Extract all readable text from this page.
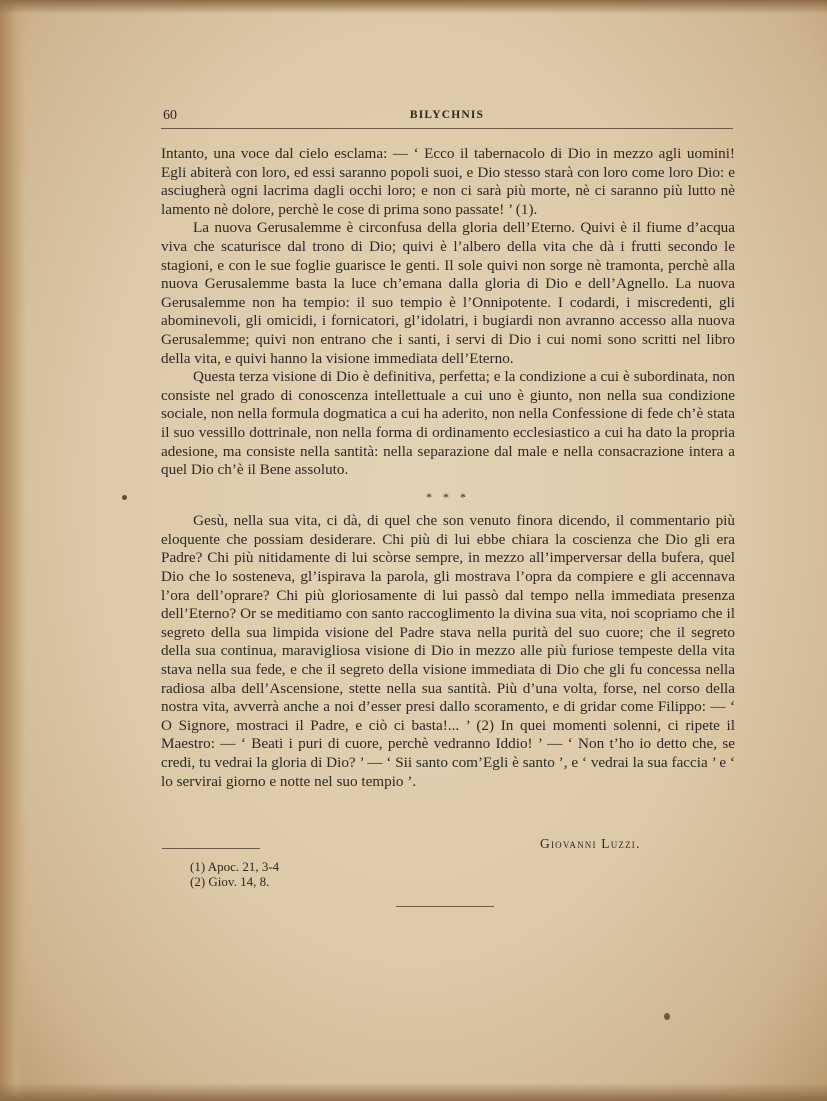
60	BILYCHNIS

Intanto, una voce dal cielo esclama: — ‘ Ecco il tabernacolo di Dio in mezzo agli uomini! Egli abiterà con loro, ed essi saranno popoli suoi, e Dio stesso starà con loro come loro Dio: e asciugherà ogni lacrima dagli occhi loro; e non ci sarà più morte, nè ci saranno più lutto nè lamento nè dolore, perchè le cose di prima sono passate! ’ (1).

La nuova Gerusalemme è circonfusa della gloria dell’Eterno. Quivi è il fiume d’acqua viva che scaturisce dal trono di Dio; quivi è l’albero della vita che dà i frutti secondo le stagioni, e con le sue foglie guarisce le genti. Il sole quivi non sorge nè tramonta, perchè alla nuova Gerusalemme basta la luce ch’emana dalla gloria di Dio e dell’Agnello. La nuova Gerusalemme non ha tempio: il suo tempio è l’Onnipotente. I codardi, i miscredenti, gli abominevoli, gli omicidi, i fornicatori, gl’idolatri, i bugiardi non avranno accesso alla nuova Gerusalemme; quivi non entrano che i santi, i servi di Dio i cui nomi sono scritti nel libro della vita, e quivi hanno la visione immediata dell’Eterno.

Questa terza visione di Dio è definitiva, perfetta; e la condizione a cui è subordinata, non consiste nel grado di conoscenza intellettuale a cui uno è giunto, non nella sua condizione sociale, non nella formula dogmatica a cui ha aderito, non nella Confessione di fede ch’è stata il suo vessillo dottrinale, non nella forma di ordinamento ecclesiastico a cui ha dato la propria adesione, ma consiste nella santità: nella separazione dal male e nella consacrazione intera a quel Dio ch’è il Bene assoluto.

* * *

Gesù, nella sua vita, ci dà, di quel che son venuto finora dicendo, il commentario più eloquente che possiam desiderare. Chi più di lui ebbe chiara la coscienza che Dio gli era Padre? Chi più nitidamente di lui scòrse sempre, in mezzo all’imperversar della bufera, quel Dio che lo sosteneva, gl’ispirava la parola, gli mostrava l’opra da compiere e gli accennava l’ora dell’oprare? Chi più gloriosamente di lui passò dal tempo nella immediata presenza dell’Eterno? Or se meditiamo con santo raccoglimento la divina sua vita, noi scopriamo che il segreto della sua limpida visione del Padre stava nella purità del suo cuore; che il segreto della sua continua, maravigliosa visione di Dio in mezzo alle più furiose tempeste della vita stava nella sua fede, e che il segreto della visione immediata di Dio che gli fu concessa nella radiosa alba dell’Ascensione, stette nella sua santità. Più d’una volta, forse, nel corso della nostra vita, avverrà anche a noi d’esser presi dallo scoramento, e di gridar come Filippo: — ‘ O Signore, mostraci il Padre, e ciò ci basta!... ’ (2) In quei momenti solenni, ci ripete il Maestro: — ‘ Beati i puri di cuore, perchè vedranno Iddio! ’ — ‘ Non t’ho io detto che, se credi, tu vedrai la gloria di Dio? ’ — ‘ Sii santo com’Egli è santo ’, e ‘ vedrai la sua faccia ’ e ‘ lo servirai giorno e notte nel suo tempio ’.

Giovanni Luzzi.
(1) Apoc. 21, 3-4
(2) Giov. 14, 8.
